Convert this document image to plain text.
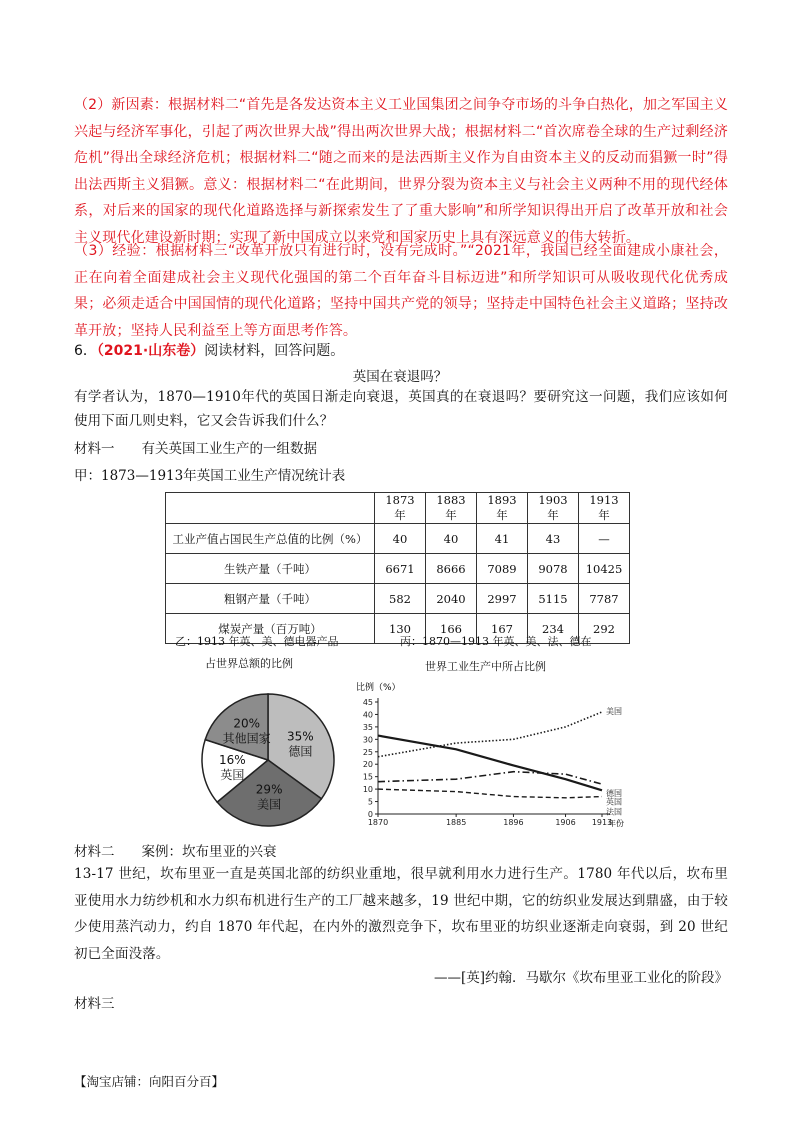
（2）新因素：根据材料二“首先是各发达资本主义工业国集团之间争夺市场的斗争白热化，加之军国主义兴起与经济军事化，引起了两次世界大战”得出两次世界大战；根据材料二“首次席卷全球的生产过剩经济危机”得出全球经济危机；根据材料二“随之而来的是法西斯主义作为自由资本主义的反动而猖獗一时”得出法西斯主义猖獗。意义：根据材料二“在此期间，世界分裂为资本主义与社会主义两种不用的现代经体系，对后来的国家的现代化道路选择与新探索发生了了重大影响”和所学知识得出开启了改革开放和社会主义现代化建设新时期；实现了新中国成立以来党和国家历史上具有深远意义的伟大转折。
（3）经验：根据材料三“改革开放只有进行时，没有完成时。”“2021年，我国已经全面建成小康社会，正在向着全面建成社会主义现代化强国的第二个百年奋斗目标迈进”和所学知识可从吸收现代化优秀成果；必须走适合中国国情的现代化道路；坚持中国共产党的领导；坚持走中国特色社会主义道路；坚持改革开放；坚持人民利益至上等方面思考作答。
6．（2021·山东卷）阅读材料，回答问题。
英国在衰退吗？
有学者认为，1870—1910年代的英国日渐走向衰退，英国真的在衰退吗？要研究这一问题，我们应该如何使用下面几则史料，它又会告诉我们什么？
材料一　　有关英国工业生产的一组数据
甲：1873—1913年英国工业生产情况统计表
	1873 年	1883 年	1893 年	1903 年	1913 年
工业产值占国民生产总值的比例（%）	40	40	41	43	—
生铁产量（千吨）	6671	8666	7089	9078	10425
粗钢产量（千吨）	582	2040	2997	5115	7787
煤炭产量（百万吨）	130	166	167	234	292
乙：1913 年英、美、德电器产品
占世界总额的比例
丙：1870—1913 年英、美、法、德在
世界工业生产中所占比例
35%
德国
29%
美国
16%
英国
20%
其他国家
比例（%）
0
5
10
15
20
25
30
35
40
45
1870	1885	1896	1906 1913
美国
德国
英国
法国
年份
材料二　　案例：坎布里亚的兴衰
13-17 世纪，坎布里亚一直是英国北部的纺织业重地，很早就利用水力进行生产。1780 年代以后，坎布里亚使用水力纺纱机和水力织布机进行生产的工厂越来越多，19 世纪中期，它的纺织业发展达到鼎盛，由于较少使用蒸汽动力，约自 1870 年代起，在内外的激烈竞争下，坎布里亚的坊织业逐渐走向衰弱，到 20 世纪初已全面没落。
——[英]约翰．马歇尔《坎布里亚工业化的阶段》
材料三
【淘宝店铺：向阳百分百】
